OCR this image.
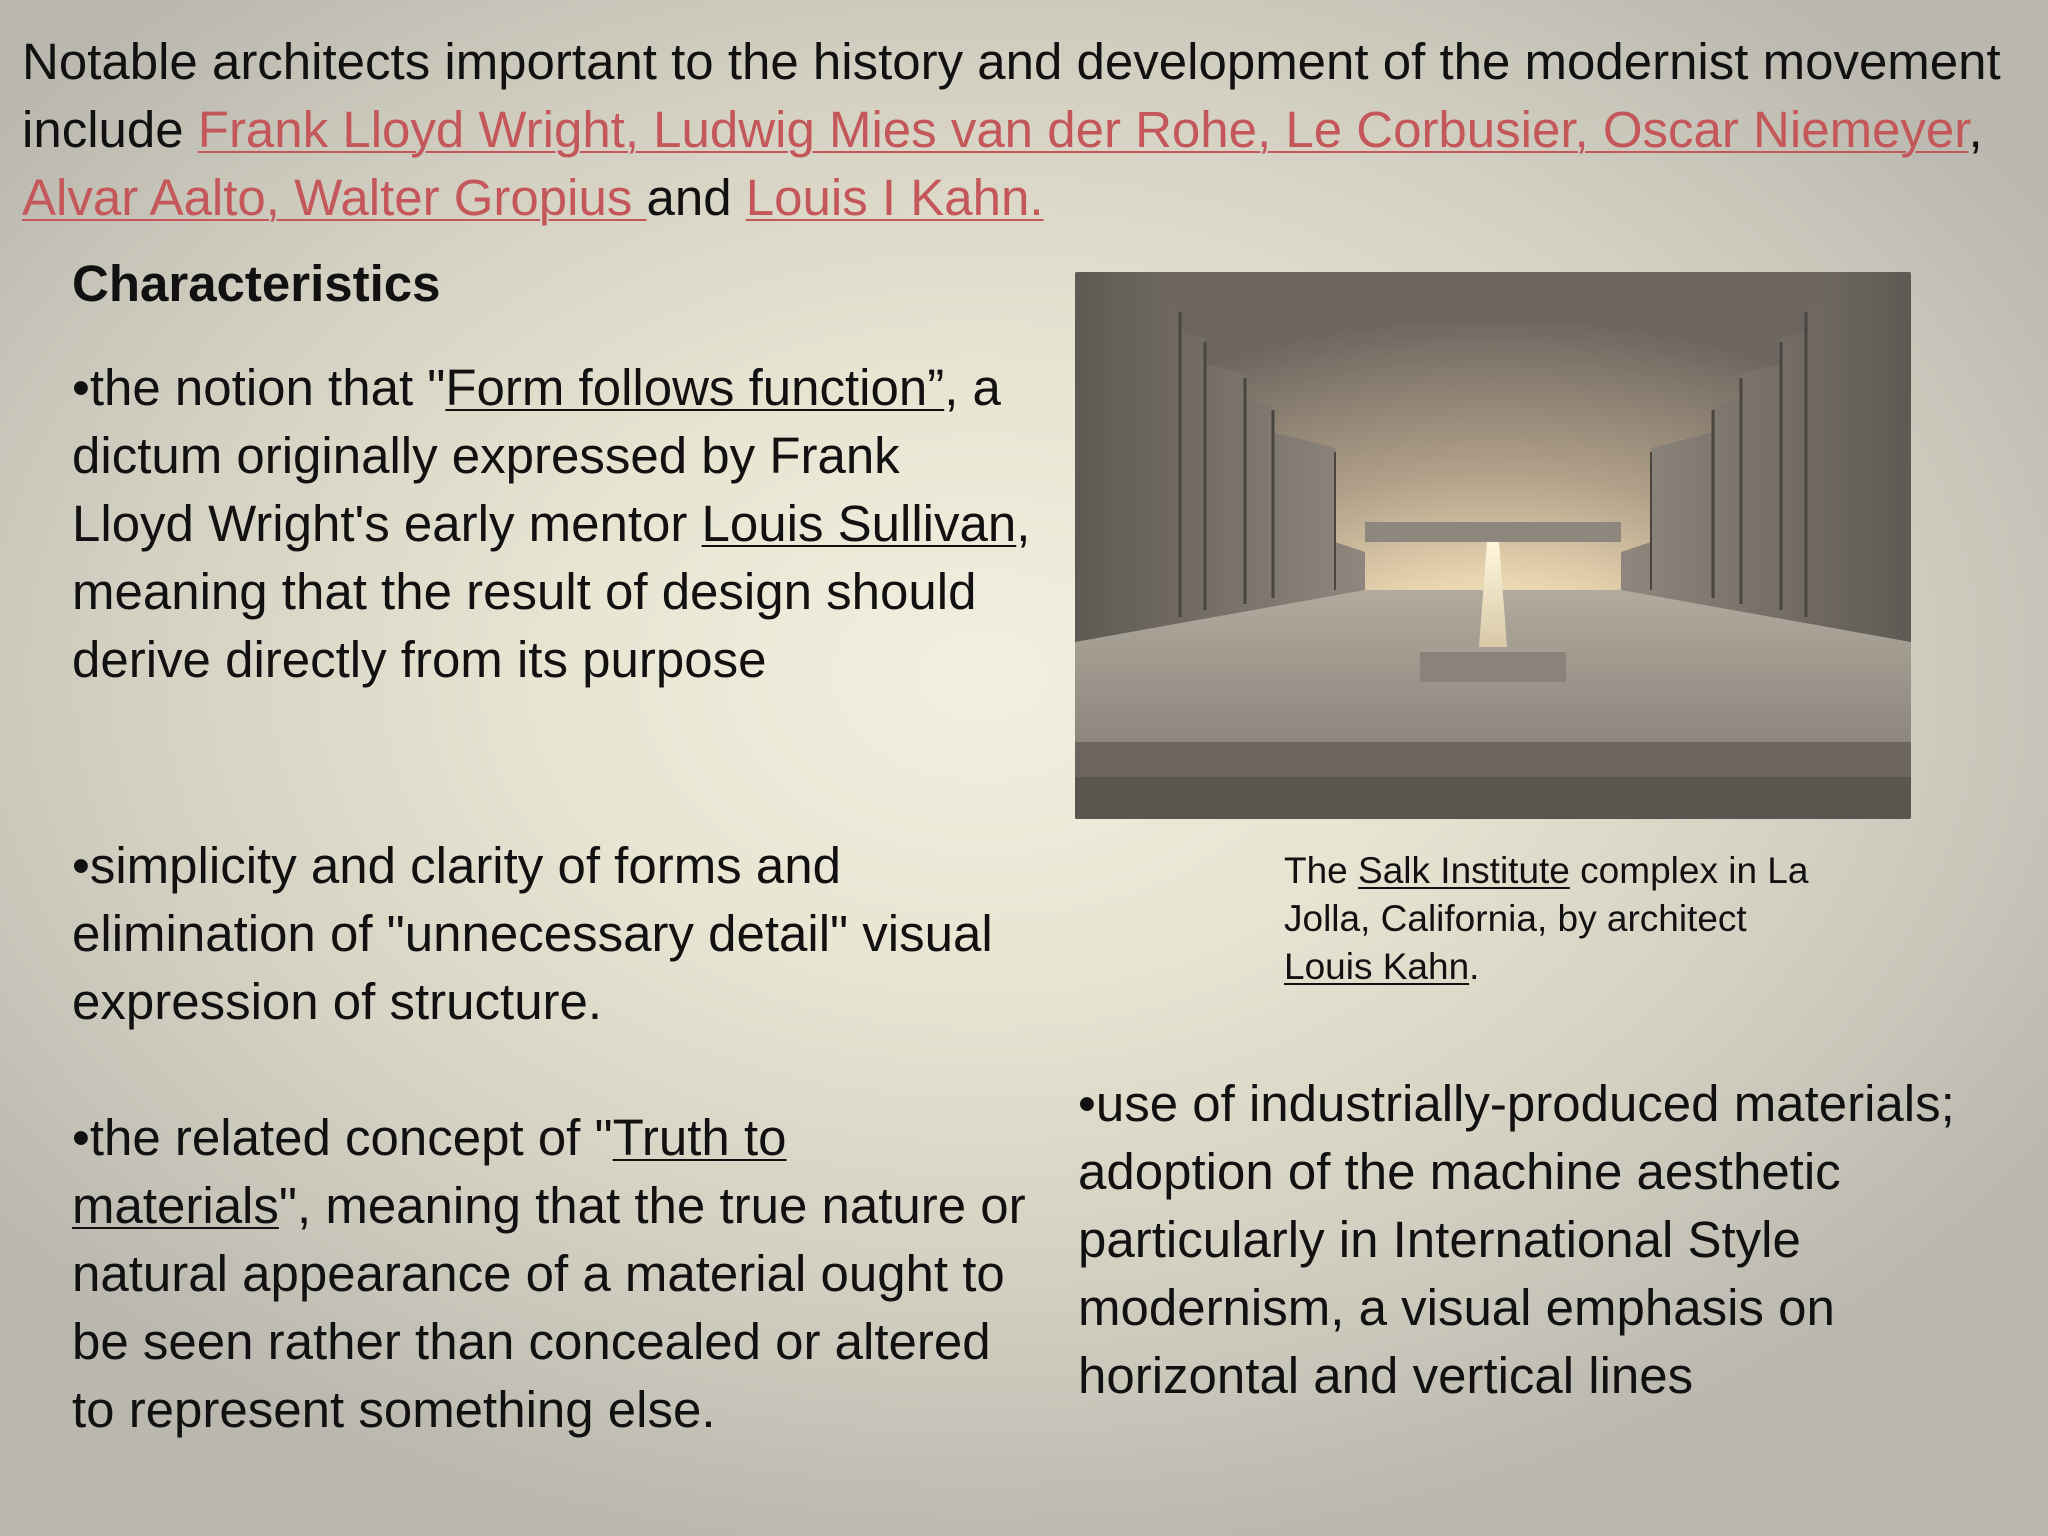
Notable architects important to the history and development of the modernist movement include Frank Lloyd Wright, Ludwig Mies van der Rohe, Le Corbusier, Oscar Niemeyer, Alvar Aalto, Walter Gropius and Louis I Kahn.

Characteristics

•the notion that "Form follows function”, a dictum originally expressed by Frank Lloyd Wright's early mentor Louis Sullivan, meaning that the result of design should derive directly from its purpose

•simplicity and clarity of forms and elimination of "unnecessary detail" visual expression of structure.

•the related concept of "Truth to materials", meaning that the true nature or natural appearance of a material ought to be seen rather than concealed or altered to represent something else.

•use of industrially-produced materials; adoption of the machine aesthetic particularly in International Style modernism, a visual emphasis on horizontal and vertical lines

The Salk Institute complex in La Jolla, California, by architect Louis Kahn.
